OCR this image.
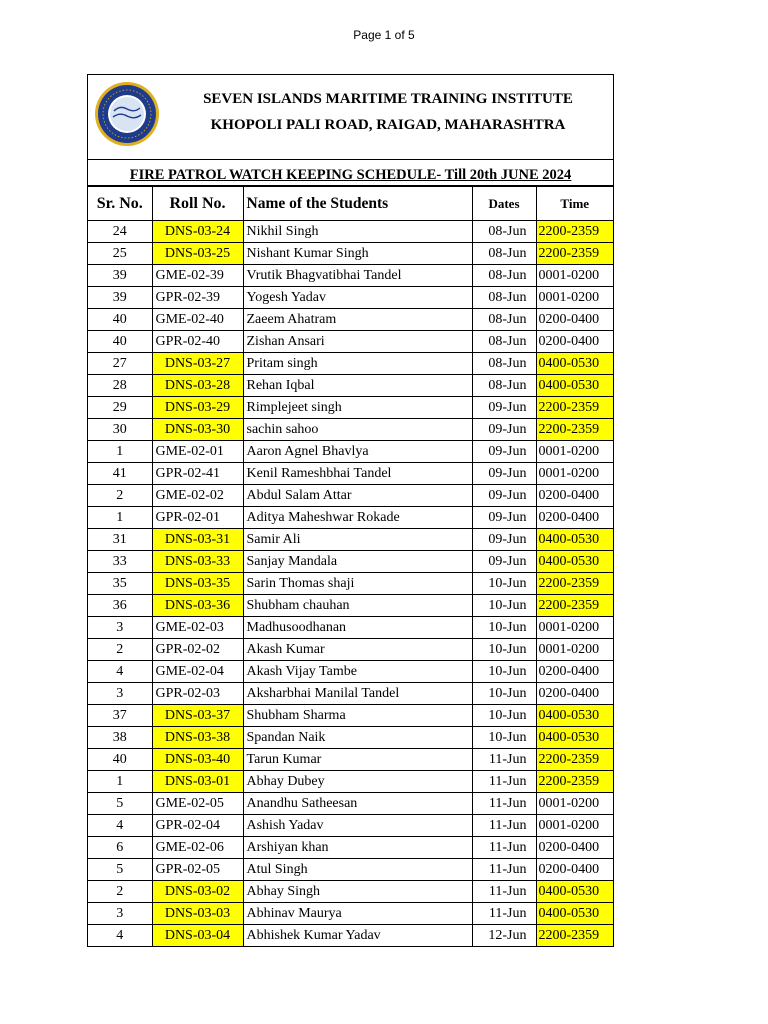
Page 1 of 5
SEVEN ISLANDS MARITIME TRAINING INSTITUTE
KHOPOLI PALI ROAD, RAIGAD, MAHARASHTRA
FIRE PATROL WATCH KEEPING SCHEDULE- Till 20th JUNE 2024
Sr. No.	Roll No.	Name of the Students	Dates	Time
24	DNS-03-24	Nikhil Singh	08-Jun	2200-2359
25	DNS-03-25	Nishant Kumar Singh	08-Jun	2200-2359
39	GME-02-39	Vrutik Bhagvatibhai Tandel	08-Jun	0001-0200
39	GPR-02-39	Yogesh Yadav	08-Jun	0001-0200
40	GME-02-40	Zaeem Ahatram	08-Jun	0200-0400
40	GPR-02-40	Zishan Ansari	08-Jun	0200-0400
27	DNS-03-27	Pritam singh	08-Jun	0400-0530
28	DNS-03-28	Rehan Iqbal	08-Jun	0400-0530
29	DNS-03-29	Rimplejeet singh	09-Jun	2200-2359
30	DNS-03-30	sachin sahoo	09-Jun	2200-2359
1	GME-02-01	Aaron Agnel Bhavlya	09-Jun	0001-0200
41	GPR-02-41	Kenil Rameshbhai Tandel	09-Jun	0001-0200
2	GME-02-02	Abdul Salam Attar	09-Jun	0200-0400
1	GPR-02-01	Aditya Maheshwar Rokade	09-Jun	0200-0400
31	DNS-03-31	Samir Ali	09-Jun	0400-0530
33	DNS-03-33	Sanjay Mandala	09-Jun	0400-0530
35	DNS-03-35	Sarin Thomas shaji	10-Jun	2200-2359
36	DNS-03-36	Shubham chauhan	10-Jun	2200-2359
3	GME-02-03	Madhusoodhanan	10-Jun	0001-0200
2	GPR-02-02	Akash Kumar	10-Jun	0001-0200
4	GME-02-04	Akash Vijay Tambe	10-Jun	0200-0400
3	GPR-02-03	Aksharbhai Manilal Tandel	10-Jun	0200-0400
37	DNS-03-37	Shubham Sharma	10-Jun	0400-0530
38	DNS-03-38	Spandan Naik	10-Jun	0400-0530
40	DNS-03-40	Tarun Kumar	11-Jun	2200-2359
1	DNS-03-01	Abhay Dubey	11-Jun	2200-2359
5	GME-02-05	Anandhu Satheesan	11-Jun	0001-0200
4	GPR-02-04	Ashish Yadav	11-Jun	0001-0200
6	GME-02-06	Arshiyan khan	11-Jun	0200-0400
5	GPR-02-05	Atul Singh	11-Jun	0200-0400
2	DNS-03-02	Abhay Singh	11-Jun	0400-0530
3	DNS-03-03	Abhinav Maurya	11-Jun	0400-0530
4	DNS-03-04	Abhishek Kumar Yadav	12-Jun	2200-2359
